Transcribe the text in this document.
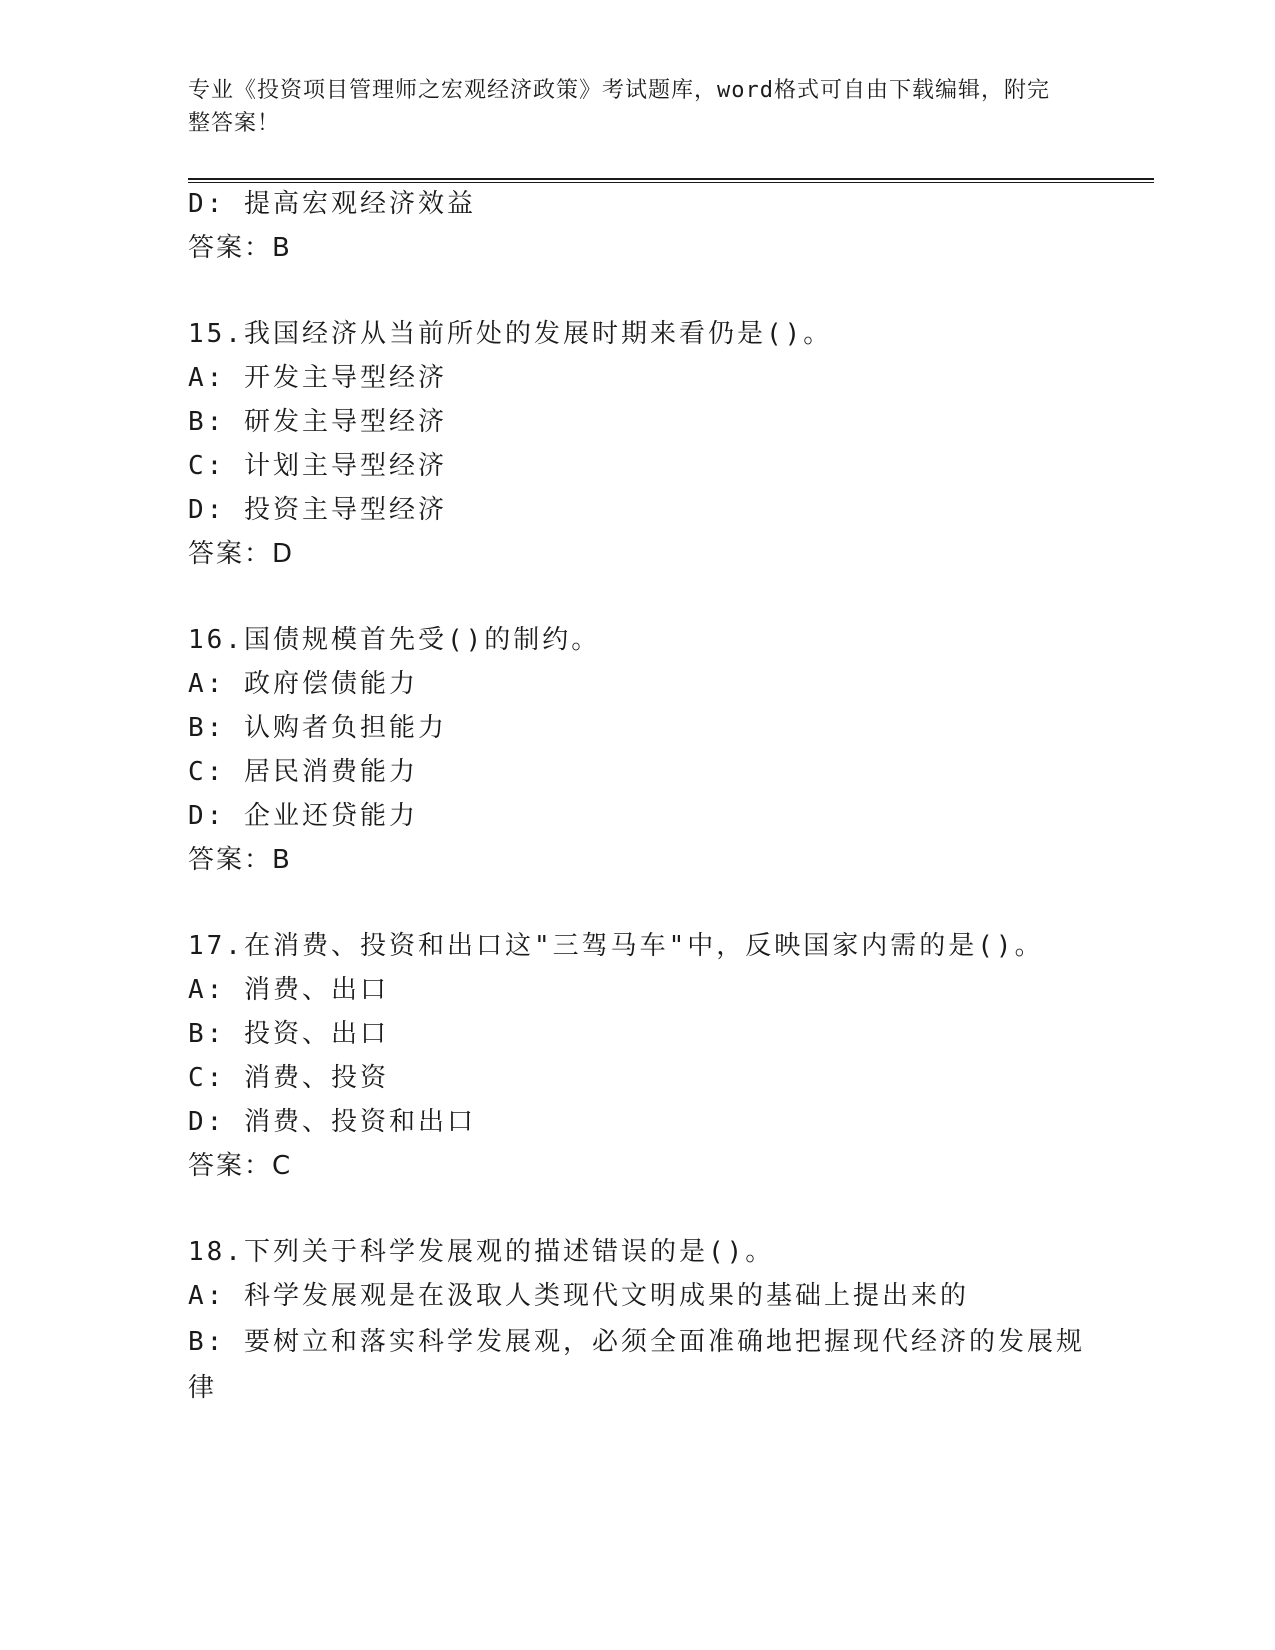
专业《投资项目管理师之宏观经济政策》考试题库，word格式可自由下载编辑，附完整答案！
D: 提高宏观经济效益
答案：B
15.我国经济从当前所处的发展时期来看仍是()。
A: 开发主导型经济
B: 研发主导型经济
C: 计划主导型经济
D: 投资主导型经济
答案：D
16.国债规模首先受()的制约。
A: 政府偿债能力
B: 认购者负担能力
C: 居民消费能力
D: 企业还贷能力
答案：B
17.在消费、投资和出口这"三驾马车"中，反映国家内需的是()。
A: 消费、出口
B: 投资、出口
C: 消费、投资
D: 消费、投资和出口
答案：C
18.下列关于科学发展观的描述错误的是()。
A: 科学发展观是在汲取人类现代文明成果的基础上提出来的
B: 要树立和落实科学发展观，必须全面准确地把握现代经济的发展规律
